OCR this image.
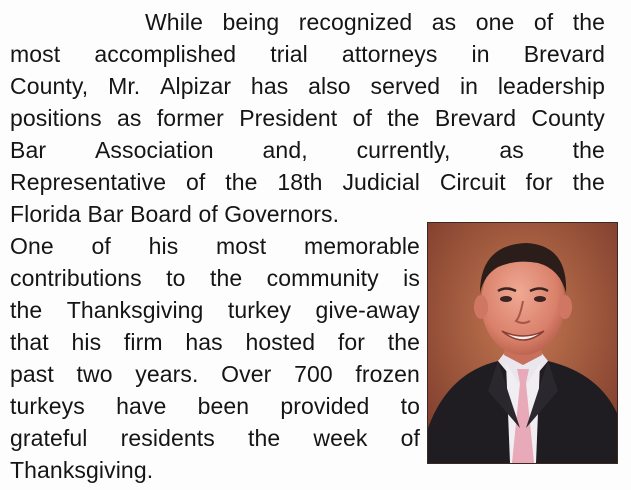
While being recognized as one of the
most accomplished trial attorneys in Brevard
County, Mr. Alpizar has also served in leadership
positions as former President of the Brevard County
Bar Association and, currently, as the
Representative of the 18th Judicial Circuit for the
Florida Bar Board of Governors.
One of his most memorable
contributions to the community is
the Thanksgiving turkey give-away
that his firm has hosted for the
past two years. Over 700 frozen
turkeys have been provided to
grateful residents the week of
Thanksgiving.
